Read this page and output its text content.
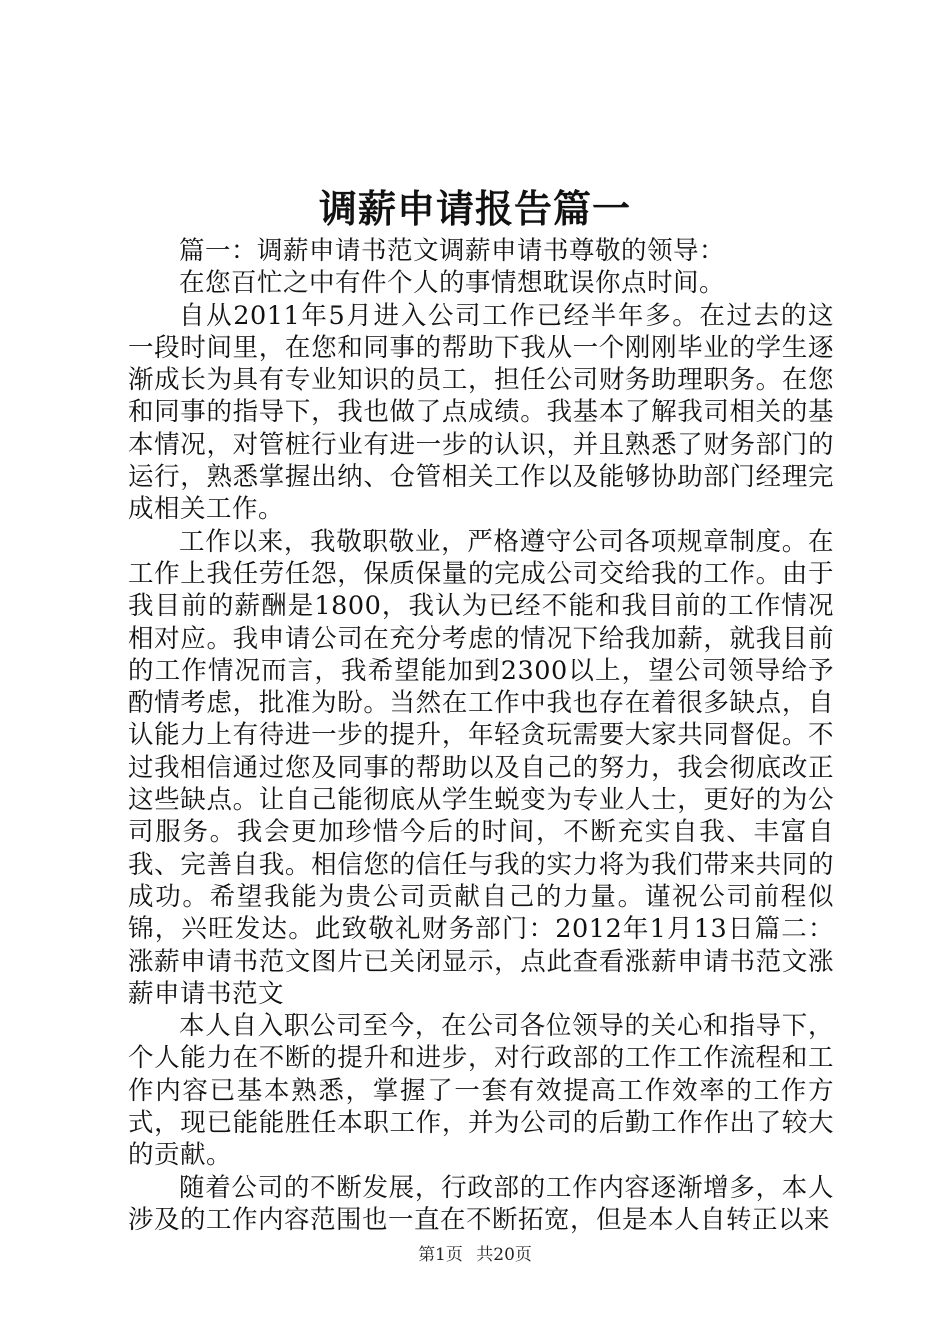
调薪申请报告篇一

篇一：调薪申请书范文调薪申请书尊敬的领导：

在您百忙之中有件个人的事情想耽误你点时间。

自从2011年5月进入公司工作已经半年多。在过去的这一段时间里，在您和同事的帮助下我从一个刚刚毕业的学生逐渐成长为具有专业知识的员工，担任公司财务助理职务。在您和同事的指导下，我也做了点成绩。我基本了解我司相关的基本情况，对管桩行业有进一步的认识，并且熟悉了财务部门的运行，熟悉掌握出纳、仓管相关工作以及能够协助部门经理完成相关工作。

工作以来，我敬职敬业，严格遵守公司各项规章制度。在工作上我任劳任怨，保质保量的完成公司交给我的工作。由于我目前的薪酬是1800，我认为已经不能和我目前的工作情况相对应。我申请公司在充分考虑的情况下给我加薪，就我目前的工作情况而言，我希望能加到2300以上，望公司领导给予酌情考虑，批准为盼。当然在工作中我也存在着很多缺点，自认能力上有待进一步的提升，年轻贪玩需要大家共同督促。不过我相信通过您及同事的帮助以及自己的努力，我会彻底改正这些缺点。让自己能彻底从学生蜕变为专业人士，更好的为公司服务。我会更加珍惜今后的时间，不断充实自我、丰富自我、完善自我。相信您的信任与我的实力将为我们带来共同的成功。希望我能为贵公司贡献自己的力量。谨祝公司前程似锦，兴旺发达。此致敬礼财务部门：2012年1月13日篇二：涨薪申请书范文图片已关闭显示，点此查看涨薪申请书范文涨薪申请书范文

本人自入职公司至今，在公司各位领导的关心和指导下，个人能力在不断的提升和进步，对行政部的工作工作流程和工作内容已基本熟悉，掌握了一套有效提高工作效率的工作方式，现已能能胜任本职工作，并为公司的后勤工作作出了较大的贡献。

随着公司的不断发展，行政部的工作内容逐渐增多，本人涉及的工作内容范围也一直在不断拓宽，但是本人自转正以来

第1页 共20页
